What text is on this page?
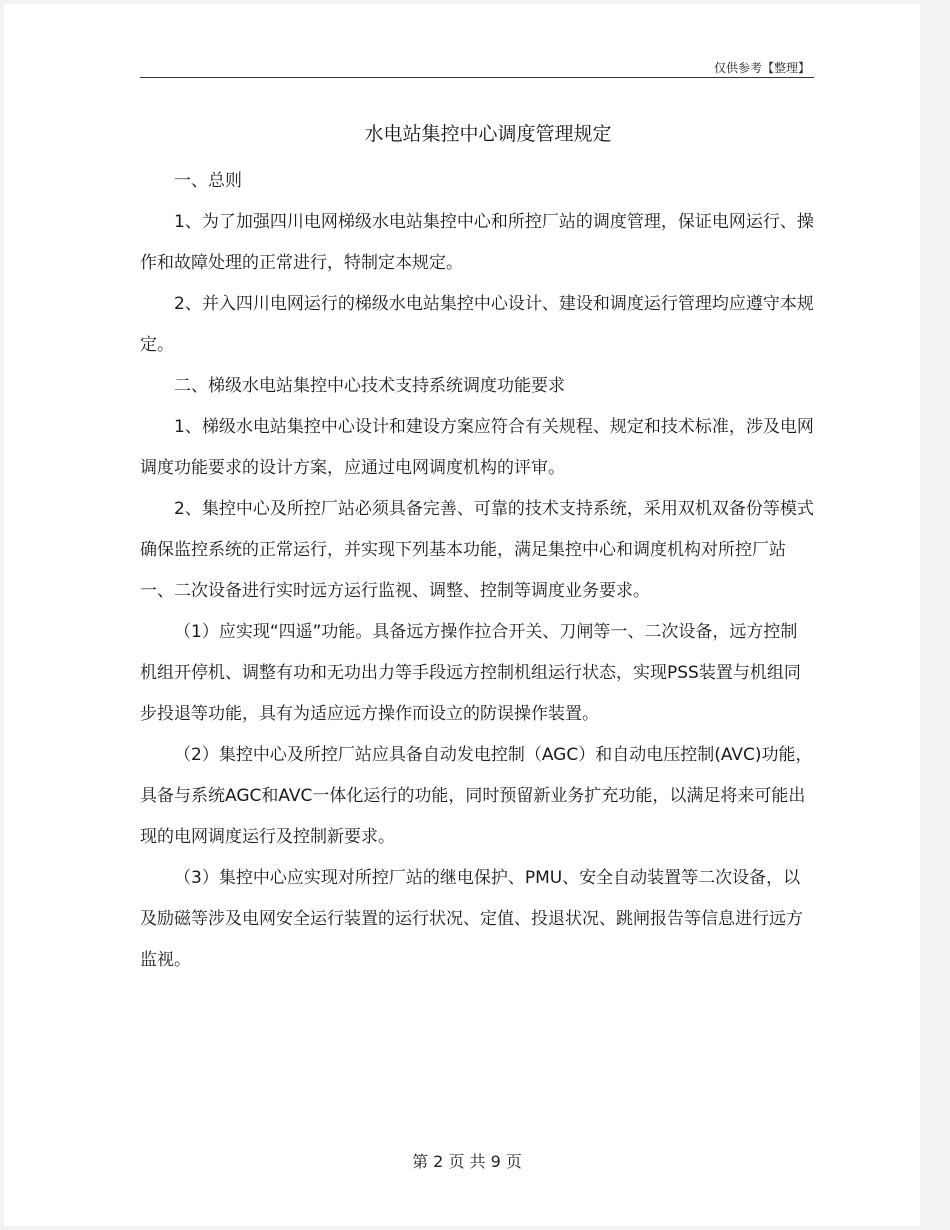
仅供参考【整理】
水电站集控中心调度管理规定

一、总则

1、为了加强四川电网梯级水电站集控中心和所控厂站的调度管理，保证电网运行、操作和故障处理的正常进行，特制定本规定。

2、并入四川电网运行的梯级水电站集控中心设计、建设和调度运行管理均应遵守本规定。

二、梯级水电站集控中心技术支持系统调度功能要求

1、梯级水电站集控中心设计和建设方案应符合有关规程、规定和技术标准，涉及电网调度功能要求的设计方案，应通过电网调度机构的评审。

2、集控中心及所控厂站必须具备完善、可靠的技术支持系统，采用双机双备份等模式确保监控系统的正常运行，并实现下列基本功能，满足集控中心和调度机构对所控厂站一、二次设备进行实时远方运行监视、调整、控制等调度业务要求。

（1）应实现“四遥”功能。具备远方操作拉合开关、刀闸等一、二次设备，远方控制机组开停机、调整有功和无功出力等手段远方控制机组运行状态，实现PSS装置与机组同步投退等功能，具有为适应远方操作而设立的防误操作装置。

（2）集控中心及所控厂站应具备自动发电控制（AGC）和自动电压控制(AVC)功能，具备与系统AGC和AVC一体化运行的功能，同时预留新业务扩充功能，以满足将来可能出现的电网调度运行及控制新要求。

（3）集控中心应实现对所控厂站的继电保护、PMU、安全自动装置等二次设备，以及励磁等涉及电网安全运行装置的运行状况、定值、投退状况、跳闸报告等信息进行远方监视。

第 2 页 共 9 页
